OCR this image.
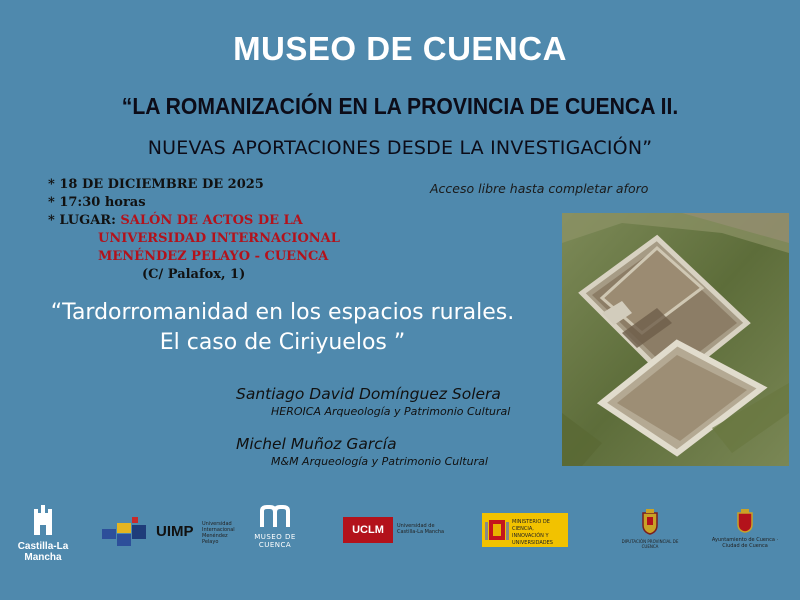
MUSEO DE CUENCA
“LA ROMANIZACIÓN EN LA PROVINCIA DE CUENCA II.
NUEVAS APORTACIONES DESDE LA INVESTIGACIÓN”
* 18 DE DICIEMBRE DE 2025
* 17:30 horas
* LUGAR: SALÓN DE ACTOS DE LA
UNIVERSIDAD INTERNACIONAL
MENÉNDEZ PELAYO - CUENCA
(C/ Palafox, 1)
Acceso libre hasta completar aforo
“Tardorromanidad en los espacios rurales.
El caso de Ciriyuelos ”
Santiago David Domínguez Solera
HEROICA Arqueología y Patrimonio Cultural
Michel Muñoz García
M&M Arqueología y Patrimonio Cultural
Castilla-La Mancha
UIMP Universidad Internacional Menéndez Pelayo
MUSEO DE
CUENCA
UCLM	Universidad de Castilla-La Mancha
MINISTERIO DE CIENCIA, INNOVACIÓN Y UNIVERSIDADES	DIPUTACIÓN PROVINCIAL DE CUENCA
Ayuntamiento de Cuenca · Ciudad de Cuenca
